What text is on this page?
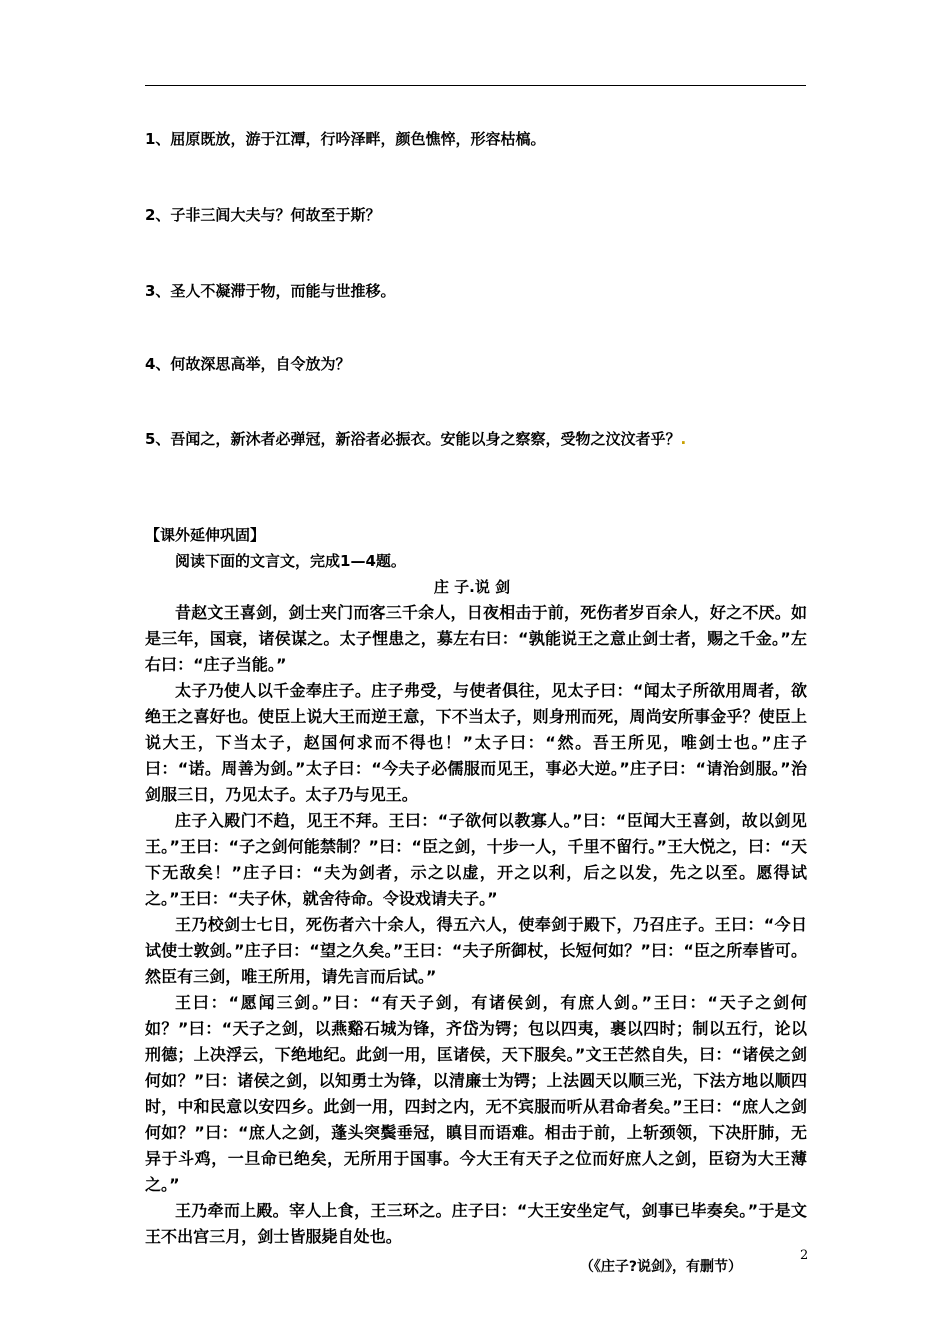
1、屈原既放，游于江潭，行吟泽畔，颜色憔悴，形容枯槁。
2、子非三闾大夫与？何故至于斯？
3、圣人不凝滞于物，而能与世推移。
4、何故深思高举，自令放为？
5、吾闻之，新沐者必弹冠，新浴者必振衣。安能以身之察察，受物之汶汶者乎？.
【课外延伸巩固】
阅读下面的文言文，完成1—4题。
庄 子.说 剑

昔赵文王喜剑，剑士夹门而客三千余人，日夜相击于前，死伤者岁百余人，好之不厌。如是三年，国衰，诸侯谋之。太子悝患之，募左右曰：“孰能说王之意止剑士者，赐之千金。”左右曰：“庄子当能。”

太子乃使人以千金奉庄子。庄子弗受，与使者俱往，见太子曰：“闻太子所欲用周者，欲绝王之喜好也。使臣上说大王而逆王意，下不当太子，则身刑而死，周尚安所事金乎？使臣上说大王，下当太子，赵国何求而不得也！”太子曰：“然。吾王所见，唯剑士也。”庄子曰：“诺。周善为剑。”太子曰：“今夫子必儒服而见王，事必大逆。”庄子曰：“请治剑服。”治剑服三日，乃见太子。太子乃与见王。

庄子入殿门不趋，见王不拜。王曰：“子欲何以教寡人。”曰：“臣闻大王喜剑，故以剑见王。”王曰：“子之剑何能禁制？”曰：“臣之剑，十步一人，千里不留行。”王大悦之，曰：“天下无敌矣！”庄子曰：“夫为剑者，示之以虚，开之以利，后之以发，先之以至。愿得试之。”王曰：“夫子休，就舍待命。令设戏请夫子。”

王乃校剑士七日，死伤者六十余人，得五六人，使奉剑于殿下，乃召庄子。王曰：“今日试使士敦剑。”庄子曰：“望之久矣。”王曰：“夫子所御杖，长短何如？”曰：“臣之所奉皆可。然臣有三剑，唯王所用，请先言而后试。”

王曰：“愿闻三剑。”曰：“有天子剑，有诸侯剑，有庶人剑。”王曰：“天子之剑何如？”曰：“天子之剑，以燕谿石城为锋，齐岱为锷；包以四夷，裹以四时；制以五行，论以刑德；上决浮云，下绝地纪。此剑一用，匡诸侯，天下服矣。”文王芒然自失，曰：“诸侯之剑何如？”曰：诸侯之剑，以知勇士为锋，以清廉士为锷；上法圆天以顺三光，下法方地以顺四时，中和民意以安四乡。此剑一用，四封之内，无不宾服而听从君命者矣。”王曰：“庶人之剑何如？”曰：“庶人之剑，蓬头突鬓垂冠，瞋目而语难。相击于前，上斩颈领，下决肝肺，无异于斗鸡，一旦命已绝矣，无所用于国事。今大王有天子之位而好庶人之剑，臣窃为大王薄之。”

王乃牵而上殿。宰人上食，王三环之。庄子曰：“大王安坐定气，剑事已毕奏矣。”于是文王不出宫三月，剑士皆服毙自处也。

（《庄子?说剑》，有删节）
2
